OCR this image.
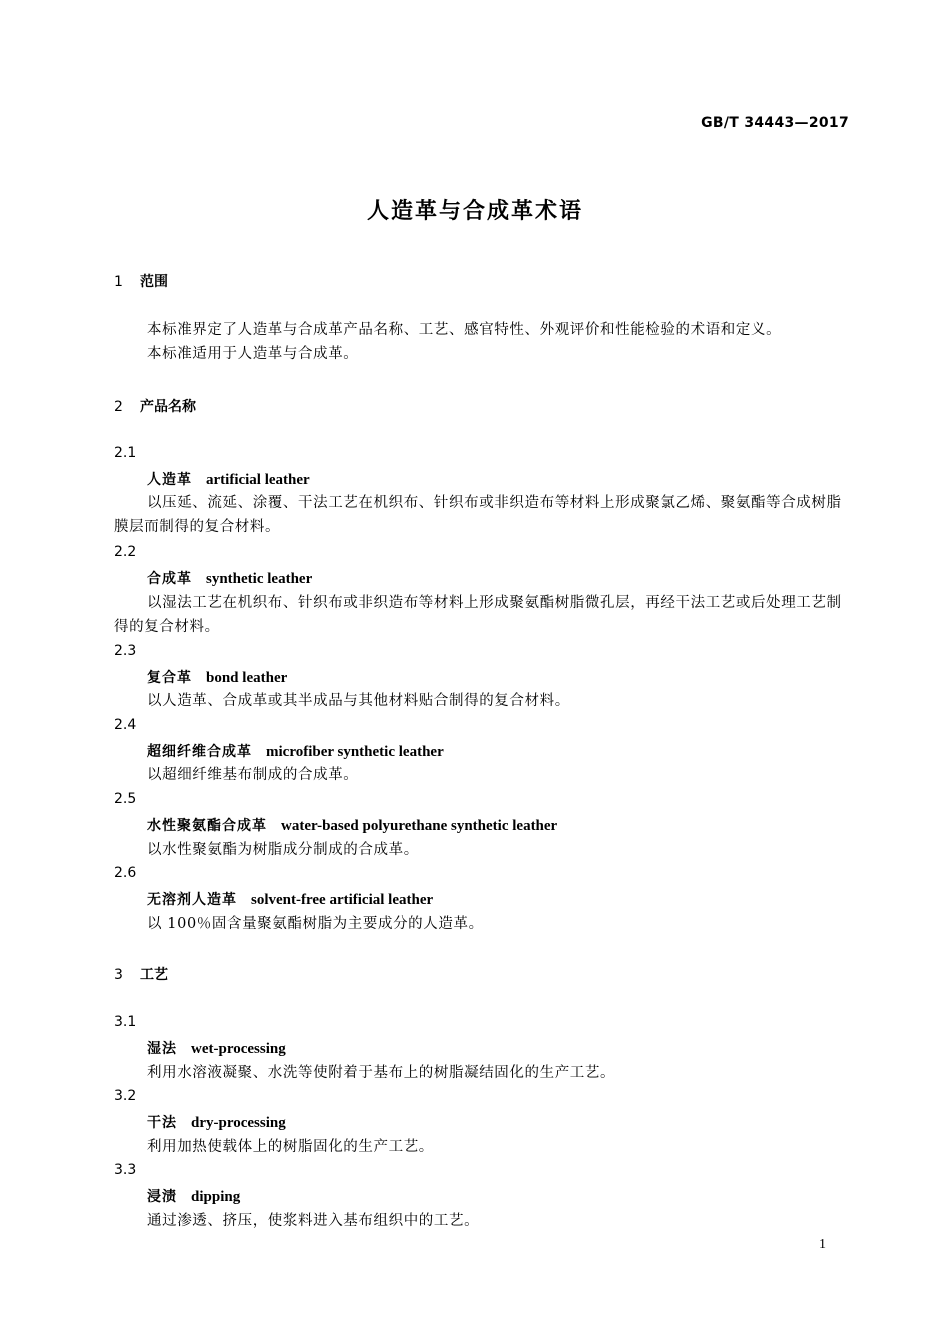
GB/T 34443—2017
人造革与合成革术语
1 范围
本标准界定了人造革与合成革产品名称、工艺、感官特性、外观评价和性能检验的术语和定义。
本标准适用于人造革与合成革。
2 产品名称
2.1
人造革 artificial leather
以压延、流延、涂覆、干法工艺在机织布、针织布或非织造布等材料上形成聚氯乙烯、聚氨酯等合成树脂膜层而制得的复合材料。
2.2
合成革 synthetic leather
以湿法工艺在机织布、针织布或非织造布等材料上形成聚氨酯树脂微孔层，再经干法工艺或后处理工艺制得的复合材料。
2.3
复合革 bond leather
以人造革、合成革或其半成品与其他材料贴合制得的复合材料。
2.4
超细纤维合成革 microfiber synthetic leather
以超细纤维基布制成的合成革。
2.5
水性聚氨酯合成革 water-based polyurethane synthetic leather
以水性聚氨酯为树脂成分制成的合成革。
2.6
无溶剂人造革 solvent-free artificial leather
以 100％固含量聚氨酯树脂为主要成分的人造革。
3 工艺
3.1
湿法 wet-processing
利用水溶液凝聚、水洗等使附着于基布上的树脂凝结固化的生产工艺。
3.2
干法 dry-processing
利用加热使载体上的树脂固化的生产工艺。
3.3
浸渍 dipping
通过渗透、挤压，使浆料进入基布组织中的工艺。
1
